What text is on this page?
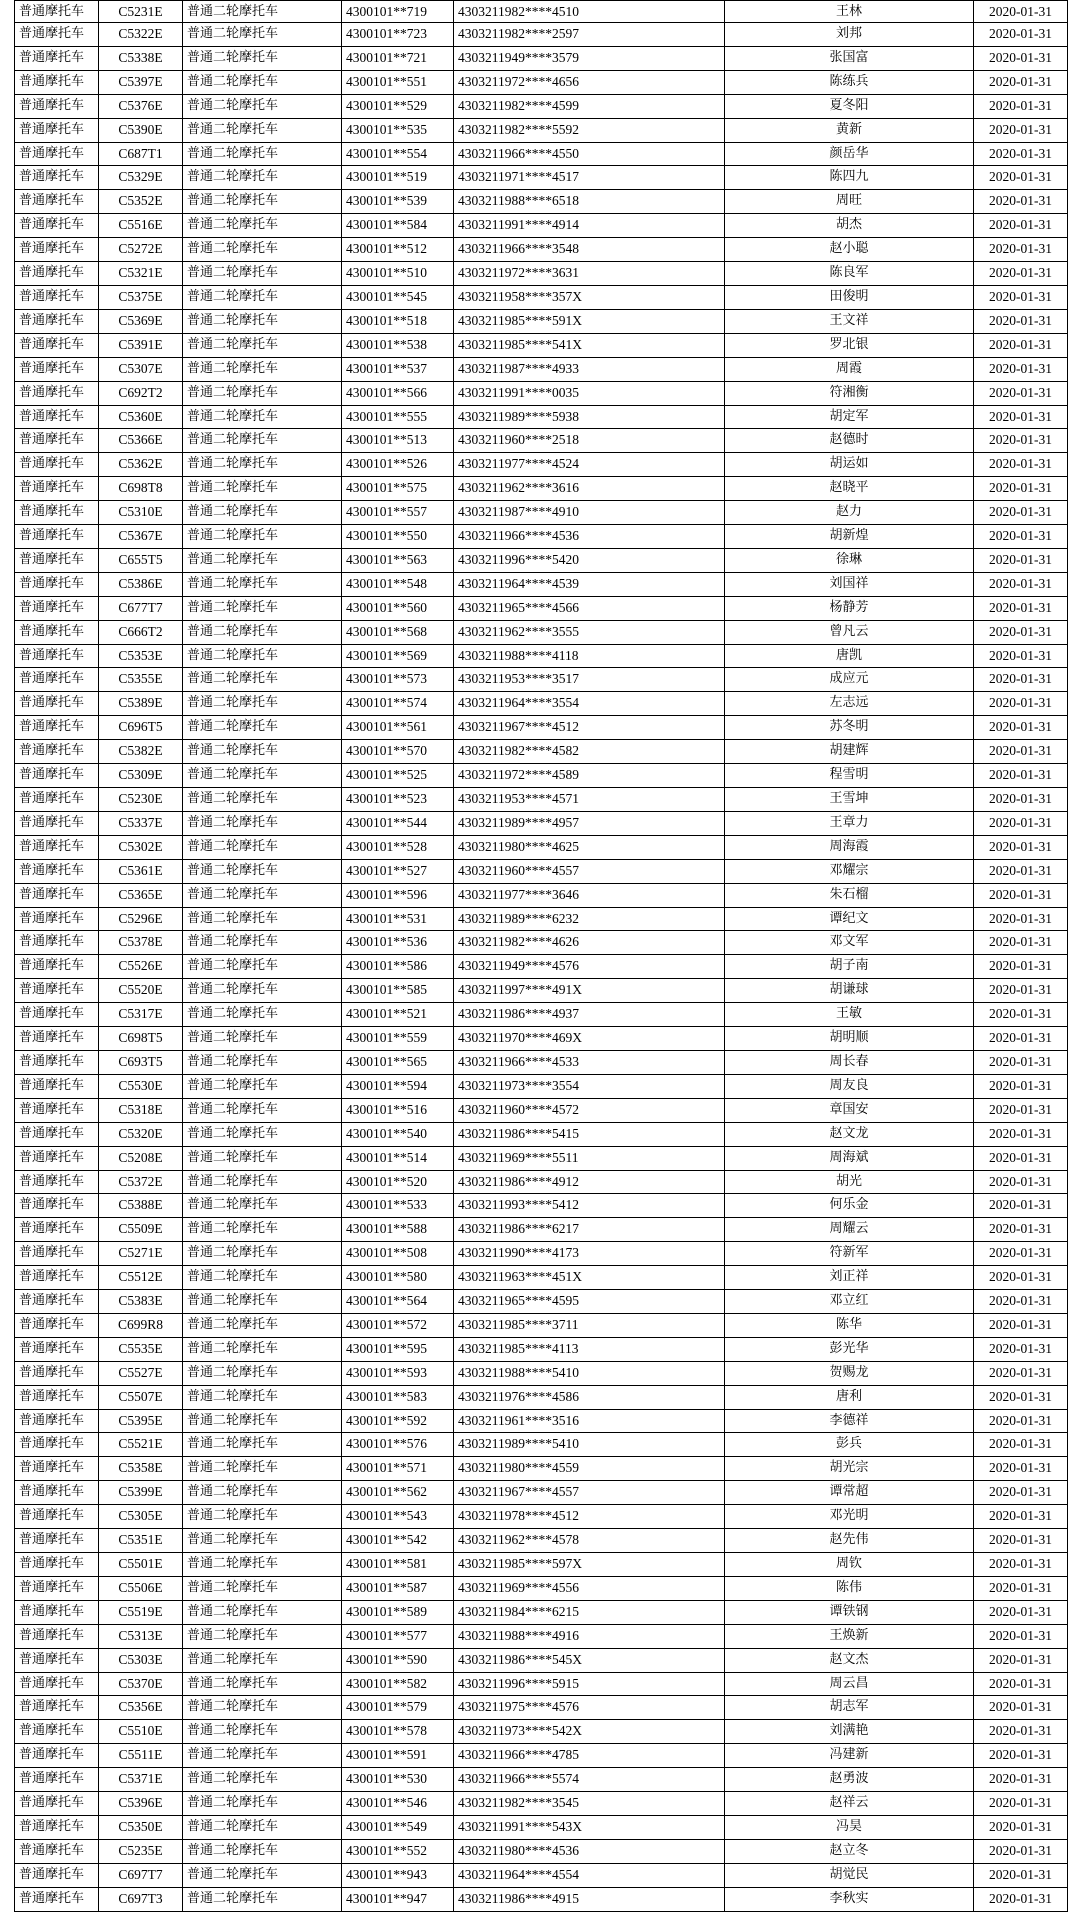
普通摩托车	C5231E	普通二轮摩托车	4300101**719	4303211982****4510	王林	2020-01-31
普通摩托车	C5322E	普通二轮摩托车	4300101**723	4303211982****2597	刘邦	2020-01-31
普通摩托车	C5338E	普通二轮摩托车	4300101**721	4303211949****3579	张国富	2020-01-31
普通摩托车	C5397E	普通二轮摩托车	4300101**551	4303211972****4656	陈练兵	2020-01-31
普通摩托车	C5376E	普通二轮摩托车	4300101**529	4303211982****4599	夏冬阳	2020-01-31
普通摩托车	C5390E	普通二轮摩托车	4300101**535	4303211982****5592	黄新	2020-01-31
普通摩托车	C687T1	普通二轮摩托车	4300101**554	4303211966****4550	颜岳华	2020-01-31
普通摩托车	C5329E	普通二轮摩托车	4300101**519	4303211971****4517	陈四九	2020-01-31
普通摩托车	C5352E	普通二轮摩托车	4300101**539	4303211988****6518	周旺	2020-01-31
普通摩托车	C5516E	普通二轮摩托车	4300101**584	4303211991****4914	胡杰	2020-01-31
普通摩托车	C5272E	普通二轮摩托车	4300101**512	4303211966****3548	赵小聪	2020-01-31
普通摩托车	C5321E	普通二轮摩托车	4300101**510	4303211972****3631	陈良军	2020-01-31
普通摩托车	C5375E	普通二轮摩托车	4300101**545	4303211958****357X	田俊明	2020-01-31
普通摩托车	C5369E	普通二轮摩托车	4300101**518	4303211985****591X	王文祥	2020-01-31
普通摩托车	C5391E	普通二轮摩托车	4300101**538	4303211985****541X	罗北银	2020-01-31
普通摩托车	C5307E	普通二轮摩托车	4300101**537	4303211987****4933	周霞	2020-01-31
普通摩托车	C692T2	普通二轮摩托车	4300101**566	4303211991****0035	符湘衡	2020-01-31
普通摩托车	C5360E	普通二轮摩托车	4300101**555	4303211989****5938	胡定军	2020-01-31
普通摩托车	C5366E	普通二轮摩托车	4300101**513	4303211960****2518	赵德时	2020-01-31
普通摩托车	C5362E	普通二轮摩托车	4300101**526	4303211977****4524	胡运如	2020-01-31
普通摩托车	C698T8	普通二轮摩托车	4300101**575	4303211962****3616	赵晓平	2020-01-31
普通摩托车	C5310E	普通二轮摩托车	4300101**557	4303211987****4910	赵力	2020-01-31
普通摩托车	C5367E	普通二轮摩托车	4300101**550	4303211966****4536	胡新煌	2020-01-31
普通摩托车	C655T5	普通二轮摩托车	4300101**563	4303211996****5420	徐琳	2020-01-31
普通摩托车	C5386E	普通二轮摩托车	4300101**548	4303211964****4539	刘国祥	2020-01-31
普通摩托车	C677T7	普通二轮摩托车	4300101**560	4303211965****4566	杨静芳	2020-01-31
普通摩托车	C666T2	普通二轮摩托车	4300101**568	4303211962****3555	曾凡云	2020-01-31
普通摩托车	C5353E	普通二轮摩托车	4300101**569	4303211988****4118	唐凯	2020-01-31
普通摩托车	C5355E	普通二轮摩托车	4300101**573	4303211953****3517	成应元	2020-01-31
普通摩托车	C5389E	普通二轮摩托车	4300101**574	4303211964****3554	左志远	2020-01-31
普通摩托车	C696T5	普通二轮摩托车	4300101**561	4303211967****4512	苏冬明	2020-01-31
普通摩托车	C5382E	普通二轮摩托车	4300101**570	4303211982****4582	胡建辉	2020-01-31
普通摩托车	C5309E	普通二轮摩托车	4300101**525	4303211972****4589	程雪明	2020-01-31
普通摩托车	C5230E	普通二轮摩托车	4300101**523	4303211953****4571	王雪坤	2020-01-31
普通摩托车	C5337E	普通二轮摩托车	4300101**544	4303211989****4957	王章力	2020-01-31
普通摩托车	C5302E	普通二轮摩托车	4300101**528	4303211980****4625	周海霞	2020-01-31
普通摩托车	C5361E	普通二轮摩托车	4300101**527	4303211960****4557	邓耀宗	2020-01-31
普通摩托车	C5365E	普通二轮摩托车	4300101**596	4303211977****3646	朱石榴	2020-01-31
普通摩托车	C5296E	普通二轮摩托车	4300101**531	4303211989****6232	谭纪文	2020-01-31
普通摩托车	C5378E	普通二轮摩托车	4300101**536	4303211982****4626	邓文军	2020-01-31
普通摩托车	C5526E	普通二轮摩托车	4300101**586	4303211949****4576	胡子南	2020-01-31
普通摩托车	C5520E	普通二轮摩托车	4300101**585	4303211997****491X	胡谦球	2020-01-31
普通摩托车	C5317E	普通二轮摩托车	4300101**521	4303211986****4937	王敏	2020-01-31
普通摩托车	C698T5	普通二轮摩托车	4300101**559	4303211970****469X	胡明顺	2020-01-31
普通摩托车	C693T5	普通二轮摩托车	4300101**565	4303211966****4533	周长春	2020-01-31
普通摩托车	C5530E	普通二轮摩托车	4300101**594	4303211973****3554	周友良	2020-01-31
普通摩托车	C5318E	普通二轮摩托车	4300101**516	4303211960****4572	章国安	2020-01-31
普通摩托车	C5320E	普通二轮摩托车	4300101**540	4303211986****5415	赵文龙	2020-01-31
普通摩托车	C5208E	普通二轮摩托车	4300101**514	4303211969****5511	周海斌	2020-01-31
普通摩托车	C5372E	普通二轮摩托车	4300101**520	4303211986****4912	胡光	2020-01-31
普通摩托车	C5388E	普通二轮摩托车	4300101**533	4303211993****5412	何乐金	2020-01-31
普通摩托车	C5509E	普通二轮摩托车	4300101**588	4303211986****6217	周耀云	2020-01-31
普通摩托车	C5271E	普通二轮摩托车	4300101**508	4303211990****4173	符新军	2020-01-31
普通摩托车	C5512E	普通二轮摩托车	4300101**580	4303211963****451X	刘正祥	2020-01-31
普通摩托车	C5383E	普通二轮摩托车	4300101**564	4303211965****4595	邓立红	2020-01-31
普通摩托车	C699R8	普通二轮摩托车	4300101**572	4303211985****3711	陈华	2020-01-31
普通摩托车	C5535E	普通二轮摩托车	4300101**595	4303211985****4113	彭光华	2020-01-31
普通摩托车	C5527E	普通二轮摩托车	4300101**593	4303211988****5410	贺赐龙	2020-01-31
普通摩托车	C5507E	普通二轮摩托车	4300101**583	4303211976****4586	唐利	2020-01-31
普通摩托车	C5395E	普通二轮摩托车	4300101**592	4303211961****3516	李德祥	2020-01-31
普通摩托车	C5521E	普通二轮摩托车	4300101**576	4303211989****5410	彭兵	2020-01-31
普通摩托车	C5358E	普通二轮摩托车	4300101**571	4303211980****4559	胡光宗	2020-01-31
普通摩托车	C5399E	普通二轮摩托车	4300101**562	4303211967****4557	谭常超	2020-01-31
普通摩托车	C5305E	普通二轮摩托车	4300101**543	4303211978****4512	邓光明	2020-01-31
普通摩托车	C5351E	普通二轮摩托车	4300101**542	4303211962****4578	赵先伟	2020-01-31
普通摩托车	C5501E	普通二轮摩托车	4300101**581	4303211985****597X	周钦	2020-01-31
普通摩托车	C5506E	普通二轮摩托车	4300101**587	4303211969****4556	陈伟	2020-01-31
普通摩托车	C5519E	普通二轮摩托车	4300101**589	4303211984****6215	谭铁钢	2020-01-31
普通摩托车	C5313E	普通二轮摩托车	4300101**577	4303211988****4916	王焕新	2020-01-31
普通摩托车	C5303E	普通二轮摩托车	4300101**590	4303211986****545X	赵文杰	2020-01-31
普通摩托车	C5370E	普通二轮摩托车	4300101**582	4303211996****5915	周云昌	2020-01-31
普通摩托车	C5356E	普通二轮摩托车	4300101**579	4303211975****4576	胡志军	2020-01-31
普通摩托车	C5510E	普通二轮摩托车	4300101**578	4303211973****542X	刘满艳	2020-01-31
普通摩托车	C5511E	普通二轮摩托车	4300101**591	4303211966****4785	冯建新	2020-01-31
普通摩托车	C5371E	普通二轮摩托车	4300101**530	4303211966****5574	赵勇波	2020-01-31
普通摩托车	C5396E	普通二轮摩托车	4300101**546	4303211982****3545	赵祥云	2020-01-31
普通摩托车	C5350E	普通二轮摩托车	4300101**549	4303211991****543X	冯昊	2020-01-31
普通摩托车	C5235E	普通二轮摩托车	4300101**552	4303211980****4536	赵立冬	2020-01-31
普通摩托车	C697T7	普通二轮摩托车	4300101**943	4303211964****4554	胡觉民	2020-01-31
普通摩托车	C697T3	普通二轮摩托车	4300101**947	4303211986****4915	李秋实	2020-01-31
